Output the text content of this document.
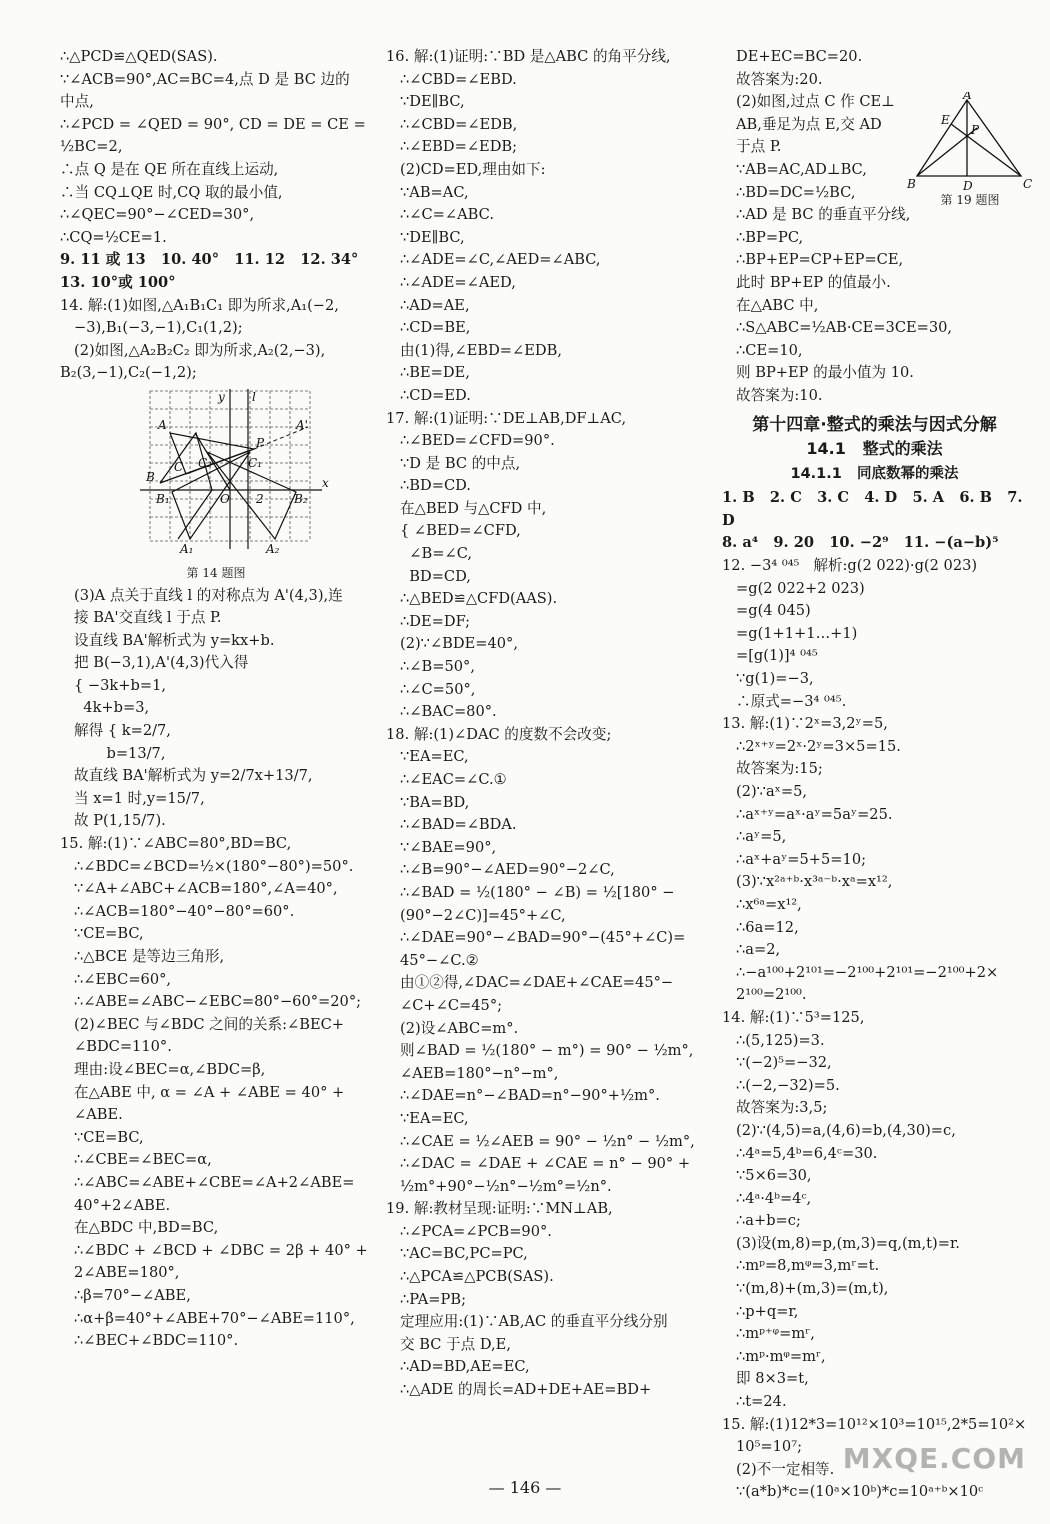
∴△PCD≌△QED(SAS).

∵∠ACB=90°,AC=BC=4,点 D 是 BC 边的

中点,

∴∠PCD = ∠QED = 90°, CD = DE = CE =

½BC=2,

∴点 Q 是在 QE 所在直线上运动,

∴当 CQ⊥QE 时,CQ 取的最小值,

∴∠QEC=90°−∠CED=30°,

∴CQ=½CE=1.

9. 11 或 13   10. 40°   11. 12   12. 34°

13. 10°或 100°

14. 解:(1)如图,△A₁B₁C₁ 即为所求,A₁(−2,

−3),B₁(−3,−1),C₁(1,2);

(2)如图,△A₂B₂C₂ 即为所求,A₂(2,−3),

B₂(3,−1),C₂(−1,2);

y l
x
A	A'
P
B
C
O
A₁	A₂
B₁	B₂
C₁
C₂
2
第 14 题图

(3)A 点关于直线 l 的对称点为 A'(4,3),连

接 BA'交直线 l 于点 P.

设直线 BA'解析式为 y=kx+b.

把 B(−3,1),A'(4,3)代入得

{ −3k+b=1,

4k+b=3,

解得 { k=2/7,

b=13/7,

故直线 BA'解析式为 y=2/7x+13/7,

当 x=1 时,y=15/7,

故 P(1,15/7).

15. 解:(1)∵∠ABC=80°,BD=BC,

∴∠BDC=∠BCD=½×(180°−80°)=50°.

∵∠A+∠ABC+∠ACB=180°,∠A=40°,

∴∠ACB=180°−40°−80°=60°.

∵CE=BC,

∴△BCE 是等边三角形,

∴∠EBC=60°,

∴∠ABE=∠ABC−∠EBC=80°−60°=20°;

(2)∠BEC 与∠BDC 之间的关系:∠BEC+

∠BDC=110°.

理由:设∠BEC=α,∠BDC=β,

在△ABE 中, α = ∠A + ∠ABE = 40° +

∠ABE.

∵CE=BC,

∴∠CBE=∠BEC=α,

∴∠ABC=∠ABE+∠CBE=∠A+2∠ABE=

40°+2∠ABE.

在△BDC 中,BD=BC,

∴∠BDC + ∠BCD + ∠DBC = 2β + 40° +

2∠ABE=180°,

∴β=70°−∠ABE,

∴α+β=40°+∠ABE+70°−∠ABE=110°,

∴∠BEC+∠BDC=110°.

16. 解:(1)证明:∵BD 是△ABC 的角平分线,

∴∠CBD=∠EBD.

∵DE∥BC,

∴∠CBD=∠EDB,

∴∠EBD=∠EDB;

(2)CD=ED,理由如下:

∵AB=AC,

∴∠C=∠ABC.

∵DE∥BC,

∴∠ADE=∠C,∠AED=∠ABC,

∴∠ADE=∠AED,

∴AD=AE,

∴CD=BE,

由(1)得,∠EBD=∠EDB,

∴BE=DE,

∴CD=ED.

17. 解:(1)证明:∵DE⊥AB,DF⊥AC,

∴∠BED=∠CFD=90°.

∵D 是 BC 的中点,

∴BD=CD.

在△BED 与△CFD 中,

{ ∠BED=∠CFD,

∠B=∠C,

BD=CD,

∴△BED≌△CFD(AAS).

∴DE=DF;

(2)∵∠BDE=40°,

∴∠B=50°,

∴∠C=50°,

∴∠BAC=80°.

18. 解:(1)∠DAC 的度数不会改变;

∵EA=EC,

∴∠EAC=∠C.①

∵BA=BD,

∴∠BAD=∠BDA.

∵∠BAE=90°,

∴∠B=90°−∠AED=90°−2∠C,

∴∠BAD = ½(180° − ∠B) = ½[180° −

(90°−2∠C)]=45°+∠C,

∴∠DAE=90°−∠BAD=90°−(45°+∠C)=

45°−∠C.②

由①②得,∠DAC=∠DAE+∠CAE=45°−

∠C+∠C=45°;

(2)设∠ABC=m°.

则∠BAD = ½(180° − m°) = 90° − ½m°,

∠AEB=180°−n°−m°,

∴∠DAE=n°−∠BAD=n°−90°+½m°.

∵EA=EC,

∴∠CAE = ½∠AEB = 90° − ½n° − ½m°,

∴∠DAC = ∠DAE + ∠CAE = n° − 90° +

½m°+90°−½n°−½m°=½n°.

19. 解:教材呈现:证明:∵MN⊥AB,

∴∠PCA=∠PCB=90°.

∵AC=BC,PC=PC,

∴△PCA≌△PCB(SAS).

∴PA=PB;

定理应用:(1)∵AB,AC 的垂直平分线分别

交 BC 于点 D,E,

∴AD=BD,AE=EC,

∴△ADE 的周长=AD+DE+AE=BD+

DE+EC=BC=20.

故答案为:20.

(2)如图,过点 C 作 CE⊥

AB,垂足为点 E,交 AD

于点 P.

∵AB=AC,AD⊥BC,

∴BD=DC=½BC,

∴AD 是 BC 的垂直平分线,

∴BP=PC,

∴BP+EP=CP+EP=CE,

此时 BP+EP 的值最小.

在△ABC 中,

∴S△ABC=½AB·CE=3CE=30,

∴CE=10,

则 BP+EP 的最小值为 10.

故答案为:10.

第十四章·整式的乘法与因式分解

14.1   整式的乘法

14.1.1   同底数幂的乘法

1. B   2. C   3. C   4. D   5. A   6. B   7. D

8. a⁴   9. 20   10. −2⁹   11. −(a−b)⁵

12. −3⁴ ⁰⁴⁵   解析:g(2 022)·g(2 023)

=g(2 022+2 023)

=g(4 045)

=g(1+1+1…+1)

=[g(1)]⁴ ⁰⁴⁵

∵g(1)=−3,

∴原式=−3⁴ ⁰⁴⁵.

13. 解:(1)∵2ˣ=3,2ʸ=5,

∴2ˣ⁺ʸ=2ˣ·2ʸ=3×5=15.

故答案为:15;

(2)∵aˣ=5,

∴aˣ⁺ʸ=aˣ·aʸ=5aʸ=25.

∴aʸ=5,

∴aˣ+aʸ=5+5=10;

(3)∵x²ᵃ⁺ᵇ·x³ᵃ⁻ᵇ·xᵃ=x¹²,

∴x⁶ᵃ=x¹²,

∴6a=12,

∴a=2,

∴−a¹⁰⁰+2¹⁰¹=−2¹⁰⁰+2¹⁰¹=−2¹⁰⁰+2×

2¹⁰⁰=2¹⁰⁰.

14. 解:(1)∵5³=125,

∴(5,125)=3.

∵(−2)⁵=−32,

∴(−2,−32)=5.

故答案为:3,5;

(2)∵(4,5)=a,(4,6)=b,(4,30)=c,

∴4ᵃ=5,4ᵇ=6,4ᶜ=30.

∵5×6=30,

∴4ᵃ·4ᵇ=4ᶜ,

∴a+b=c;

(3)设(m,8)=p,(m,3)=q,(m,t)=r.

∴mᵖ=8,mᵠ=3,mʳ=t.

∵(m,8)+(m,3)=(m,t),

∴p+q=r,

∴mᵖ⁺ᵠ=mʳ,

∴mᵖ·mᵠ=mʳ,

即 8×3=t,

∴t=24.

15. 解:(1)12*3=10¹²×10³=10¹⁵,2*5=10²×

10⁵=10⁷;

(2)不一定相等.

∵(a*b)*c=(10ᵃ×10ᵇ)*c=10ᵃ⁺ᵇ×10ᶜ

A
B	C
D
E
P
第 19 题图
— 146 —
MXQE.COM
